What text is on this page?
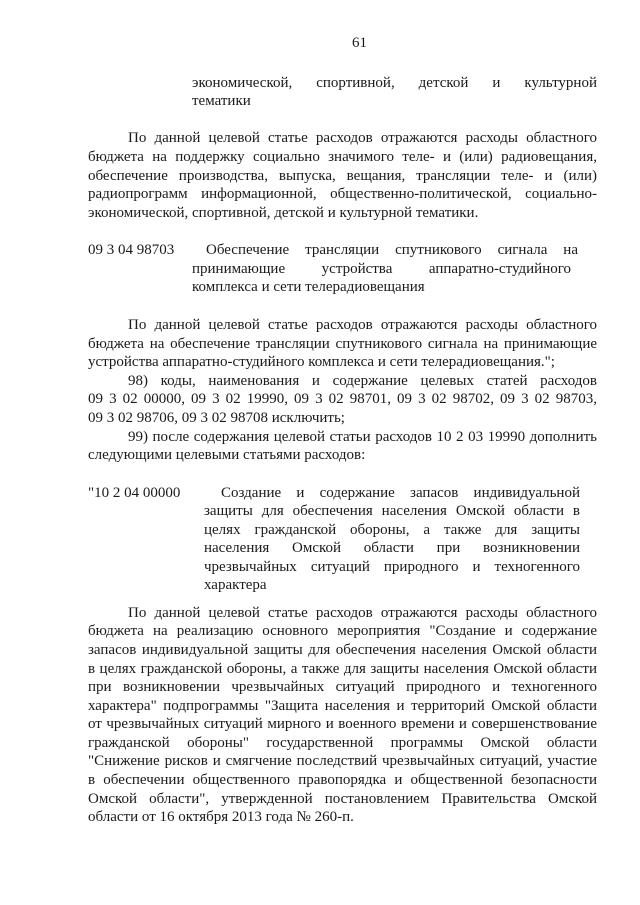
61
экономической, спортивной, детской и культурной
тематики
По данной целевой статье расходов отражаются расходы областного
бюджета на поддержку социально значимого теле- и (или) радиовещания,
обеспечение производства, выпуска, вещания, трансляции теле- и (или)
радиопрограмм информационной, общественно-политической, социально-
экономической, спортивной, детской и культурной тематики.
09 3 04 98703 Обеспечение трансляции спутникового сигнала на
принимающие устройства аппаратно-студийного
комплекса и сети телерадиовещания
По данной целевой статье расходов отражаются расходы областного
бюджета на обеспечение трансляции спутникового сигнала на принимающие
устройства аппаратно-студийного комплекса и сети телерадиовещания.";
98) коды, наименования и содержание целевых статей расходов
09 3 02 00000, 09 3 02 19990, 09 3 02 98701, 09 3 02 98702, 09 3 02 98703,
09 3 02 98706, 09 3 02 98708 исключить;
99) после содержания целевой статьи расходов 10 2 03 19990 дополнить
следующими целевыми статьями расходов:
"10 2 04 00000	Создание и содержание запасов индивидуальной
защиты для обеспечения населения Омской области в
целях гражданской обороны, а также для защиты
населения Омской области при возникновении
чрезвычайных ситуаций природного и техногенного
характера
По данной целевой статье расходов отражаются расходы областного
бюджета на реализацию основного мероприятия "Создание и содержание
запасов индивидуальной защиты для обеспечения населения Омской области
в целях гражданской обороны, а также для защиты населения Омской области
при возникновении чрезвычайных ситуаций природного и техногенного
характера" подпрограммы "Защита населения и территорий Омской области
от чрезвычайных ситуаций мирного и военного времени и совершенствование
гражданской обороны" государственной программы Омской области
"Снижение рисков и смягчение последствий чрезвычайных ситуаций, участие
в обеспечении общественного правопорядка и общественной безопасности
Омской области", утвержденной постановлением Правительства Омской
области от 16 октября 2013 года № 260-п.
